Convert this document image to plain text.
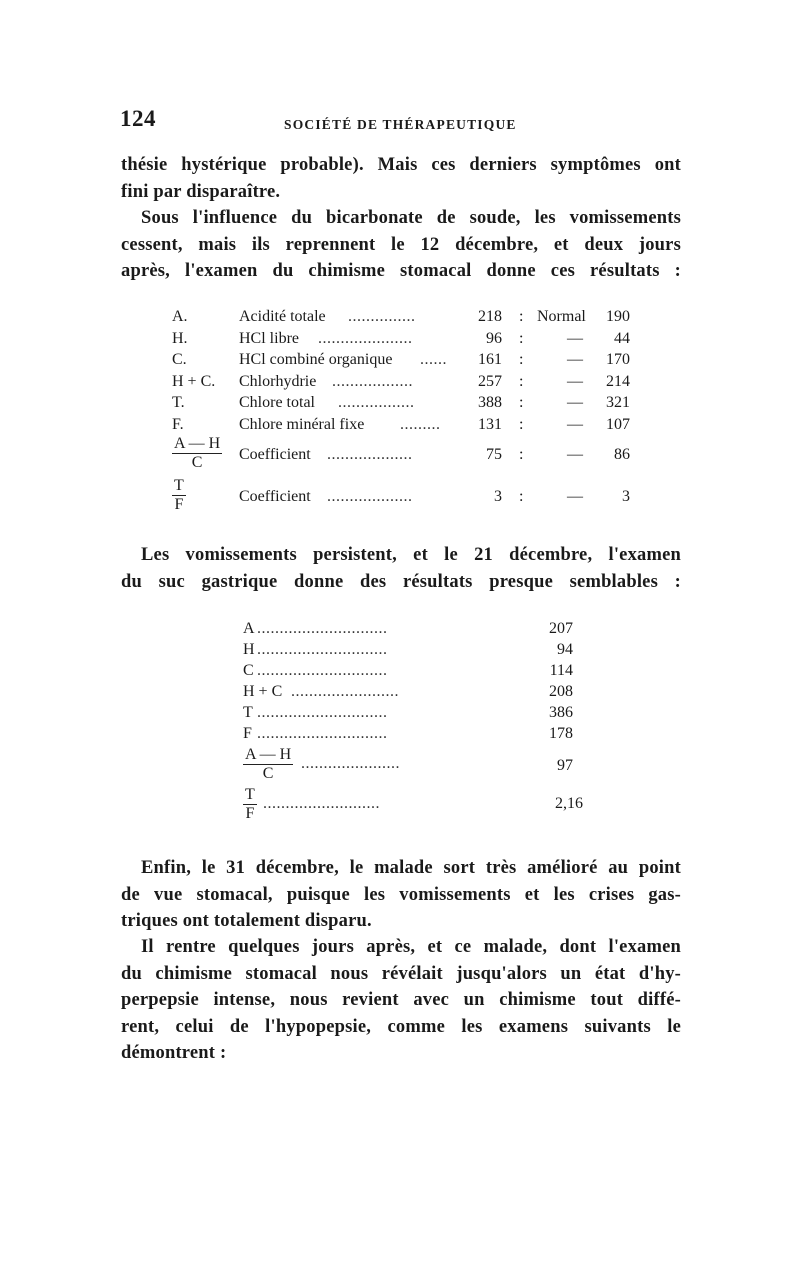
124	SOCIÉTÉ DE THÉRAPEUTIQUE
thésie hystérique probable). Mais ces derniers symptômes ont
fini par disparaître.
Sous l'influence du bicarbonate de soude, les vomissements
cessent, mais ils reprennent le 12 décembre, et deux jours
après, l'examen du chimisme stomacal donne ces résultats :
A.	Acidité totale ...............	218 : Normal 190
H.	HCl libre .....................	96 :	— 44
C.	HCl combiné organique ...... 161 :	— 170
H + C. Chlorhydrie ..................	257 :	— 214
T.	Chlore total .................	388 :	— 321
F.	Chlore minéral fixe ......... 131 :	— 107
$\frac{A — H}{C}$ Coefficient ...................	75 :	— 86
$\frac{T}{F}$	Coefficient ...................	3 :	— 3
Les vomissements persistent, et le 21 décembre, l'examen
du suc gastrique donne des résultats presque semblables :
A .............................	207
H .............................	94
C .............................	114
H + C ........................	208
T .............................	386
F .............................	178
$\frac{A — H}{C}$ ......................	97
$\frac{T}{F}$ ..........................	2,16
Enfin, le 31 décembre, le malade sort très amélioré au point
de vue stomacal, puisque les vomissements et les crises gas-
triques ont totalement disparu.
Il rentre quelques jours après, et ce malade, dont l'examen
du chimisme stomacal nous révélait jusqu'alors un état d'hy-
perpepsie intense, nous revient avec un chimisme tout diffé-
rent, celui de l'hypopepsie, comme les examens suivants le
démontrent :
